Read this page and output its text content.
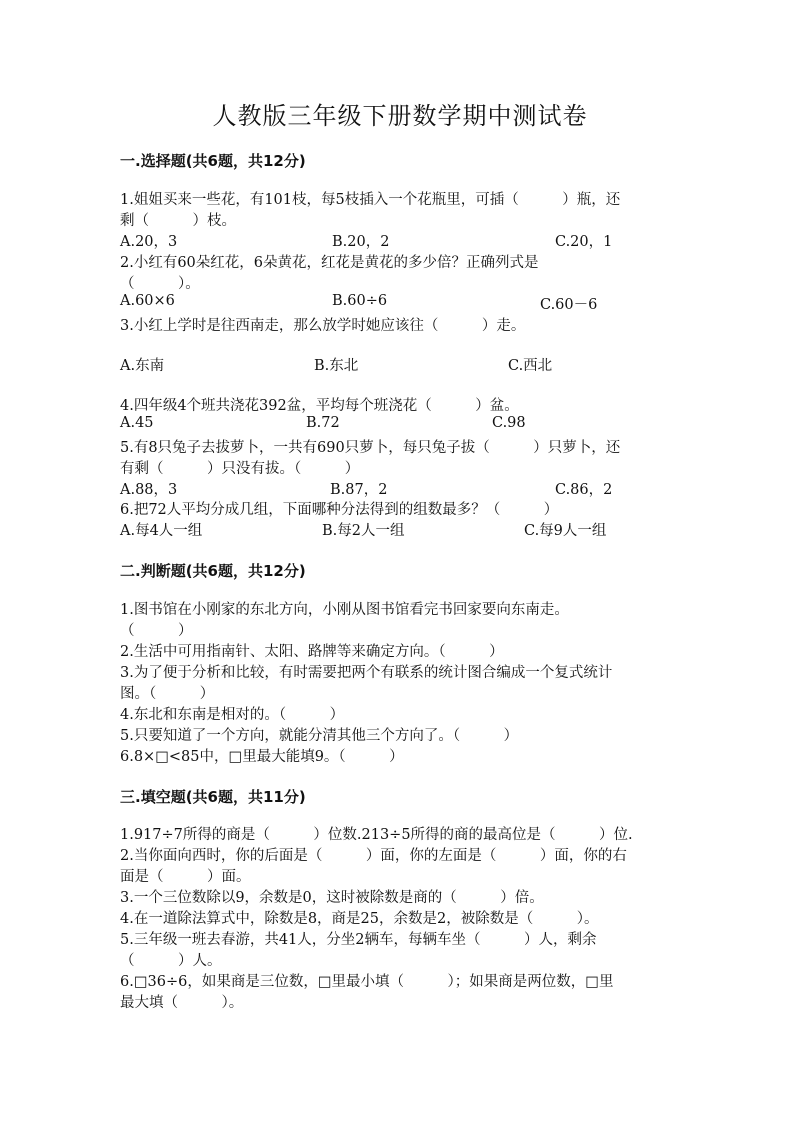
人教版三年级下册数学期中测试卷
一.选择题(共6题，共12分)
1.姐姐买来一些花，有101枝，每5枝插入一个花瓶里，可插（　　　）瓶，还
剩（　　　）枝。
A.20，3	B.20，2	C.20，1
2.小红有60朵红花，6朵黄花，红花是黄花的多少倍？正确列式是
（　　　）。
A.60×6	B.60÷6	C.60－6
3.小红上学时是往西南走，那么放学时她应该往（　　　）走。
A.东南	B.东北	C.西北
4.四年级4个班共浇花392盆，平均每个班浇花（　　　）盆。
A.45	B.72	C.98
5.有8只兔子去拔萝卜，一共有690只萝卜，每只兔子拔（　　　）只萝卜，还
有剩（　　　）只没有拔。（　　　）
A.88，3	B.87，2	C.86，2
6.把72人平均分成几组，下面哪种分法得到的组数最多？（　　　）
A.每4人一组	B.每2人一组	C.每9人一组
二.判断题(共6题，共12分)
1.图书馆在小刚家的东北方向，小刚从图书馆看完书回家要向东南走。
（　　　）
2.生活中可用指南针、太阳、路牌等来确定方向。（　　　）
3.为了便于分析和比较，有时需要把两个有联系的统计图合编成一个复式统计
图。（　　　）
4.东北和东南是相对的。（　　　）
5.只要知道了一个方向，就能分清其他三个方向了。（　　　）
6.8×□<85中，□里最大能填9。（　　　）
三.填空题(共6题，共11分)
1.917÷7所得的商是（　　　）位数.213÷5所得的商的最高位是（　　　）位.
2.当你面向西时，你的后面是（　　　）面，你的左面是（　　　）面，你的右
面是（　　　）面。
3.一个三位数除以9，余数是0，这时被除数是商的（　　　）倍。
4.在一道除法算式中，除数是8，商是25，余数是2，被除数是（　　　）。
5.三年级一班去春游，共41人，分坐2辆车，每辆车坐（　　　）人，剩余
（　　　）人。
6.□36÷6，如果商是三位数，□里最小填（　　　）；如果商是两位数，□里
最大填（　　　）。
